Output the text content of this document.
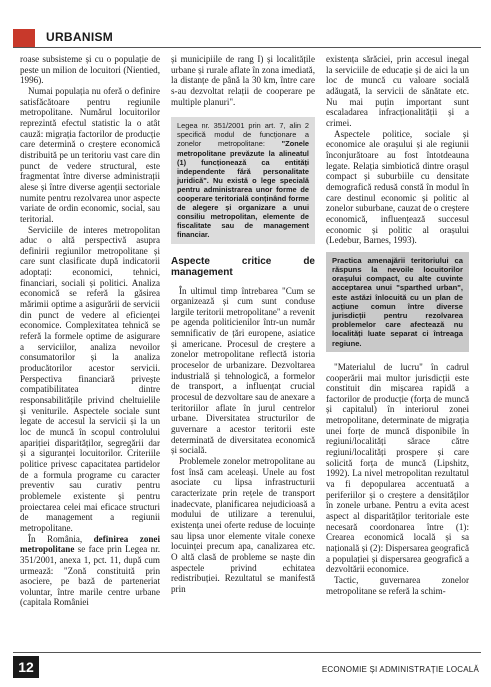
URBANISM

roase subsisteme și cu o populație de peste un milion de locuitori (Nientied, 1996).

Numai populația nu oferă o definire satisfăcătoare pentru regiunile metropolitane. Numărul locuitorilor reprezintă efectul statistic la o atât cauză: migrația factorilor de producție care determină o creștere economică distribuită pe un teritoriu vast care din punct de vedere structural, este fragmentat între diverse administrații alese și între diverse agenții sectoriale numite pentru rezolvarea unor aspecte variate de ordin economic, social, sau teritorial.

Serviciile de interes metropolitan aduc o altă perspectivă asupra definirii regiunilor metropolitane și care sunt clasificate după indicatorii adoptați: economici, tehnici, financiari, sociali și politici. Analiza economică se referă la găsirea mărimii optime a asigurării de servicii din punct de vedere al eficienței economice. Complexitatea tehnică se referă la formele optime de asigurare a serviciilor, analiza nevoilor consumatorilor și la analiza producătorilor acestor servicii. Perspectiva financiară privește compatibilitatea dintre responsabilitățile privind cheltuielile și veniturile. Aspectele sociale sunt legate de accesul la servicii și la un loc de muncă în scopul controlului apariției disparităților, segregării dar și a siguranței locuitorilor. Criteriile politice privesc capacitatea partidelor de a formula programe cu caracter preventiv sau curativ pentru problemele existente și pentru proiectarea celei mai eficace structuri de management a regiunii metropolitane.

În România, definirea zonei metropolitane se face prin Legea nr. 351/2001, anexa 1, pct. 11, după cum urmează: "Zonă constituită prin asociere, pe bază de parteneriat voluntar, între marile centre urbane (capitala României

și municipiile de rang I) și localitățile urbane și rurale aflate în zona imediată, la distanțe de până la 30 km, între care s-au dezvoltat relații de cooperare pe multiple planuri".

Legea nr. 351/2001 prin art. 7, alin 2 specifică modul de funcționare a zonelor metropolitane: "Zonele metropolitane prevăzute la alineatul (1) funcționează ca entități independente fără personalitate juridică". Nu există o lege specială pentru administrarea unor forme de cooperare teritorială conținând forme de alegere și organizare a unui consiliu metropolitan, elemente de fiscalitate sau de management financiar.
Aspecte critice de management

În ultimul timp întrebarea "Cum se organizează și cum sunt conduse largile teritorii metropolitane" a revenit pe agenda politicienilor într-un număr semnificativ de țări europene, asiatice și americane. Procesul de creștere a zonelor metropolitane reflectă istoria proceselor de urbanizare. Dezvoltarea industrială și tehnologică, a formelor de transport, a influențat crucial procesul de dezvoltare sau de anexare a teritoriilor aflate în jurul centrelor urbane. Diversitatea structurilor de guvernare a acestor teritorii este determinată de diversitatea economică și socială.

Problemele zonelor metropolitane au fost însă cam aceleași. Unele au fost asociate cu lipsa infrastructurii caracterizate prin rețele de transport inadecvate, planificarea nejudicioasă a modului de utilizare a terenului, existența unei oferte reduse de locuințe sau lipsa unor elemente vitale conexe locuinței precum apa, canalizarea etc. O altă clasă de probleme se naște din aspectele privind echitatea redistribuției. Rezultatul se manifestă prin

existența sărăciei, prin accesul inegal la serviciile de educație și de aici la un loc de muncă cu valoare socială adăugată, la servicii de sănătate etc. Nu mai puțin important sunt escaladarea infracționalității și a crimei.

Aspectele politice, sociale și economice ale orașului și ale regiunii înconjurătoare au fost întotdeauna legate. Relația simbiotică dintre orașul compact și suburbiile cu densitate demografică redusă constă în modul în care destinul economic și politic al zonelor suburbane, cauzat de o creștere economică, influențează succesul economic și politic al orașului (Ledebur, Barnes, 1993).

Practica amenajării teritoriului ca răspuns la nevoile locuitorilor orașului compact, cu alte cuvinte acceptarea unui "sparthed urban", este astăzi înlocuită cu un plan de acțiune comun între diverse jurisdicții pentru rezolvarea problemelor care afectează nu localități luate separat ci întreaga regiune.

"Materialul de lucru" în cadrul cooperării mai multor jurisdicții este constituit din mișcarea rapidă a factorilor de producție (forța de muncă și capitalul) în interiorul zonei metropolitane, determinate de migrația unei forțe de muncă disponibile în regiuni/localități sărace către regiuni/localități prospere și care solicită forța de muncă (Lipshitz, 1992). La nivel metropolitan rezultatul va fi depopularea accentuată a periferiilor și o creștere a densităților în zonele urbane. Pentru a evita acest aspect al disparităților teritoriale este necesară coordonarea între (1): Crearea economică locală și sa națională și (2): Dispersarea geografică a populației și dispersarea geografică a dezvoltării economice.

Tactic, guvernarea zonelor metropolitane se referă la schim-

12	ECONOMIE ȘI ADMINISTRAȚIE LOCALĂ
